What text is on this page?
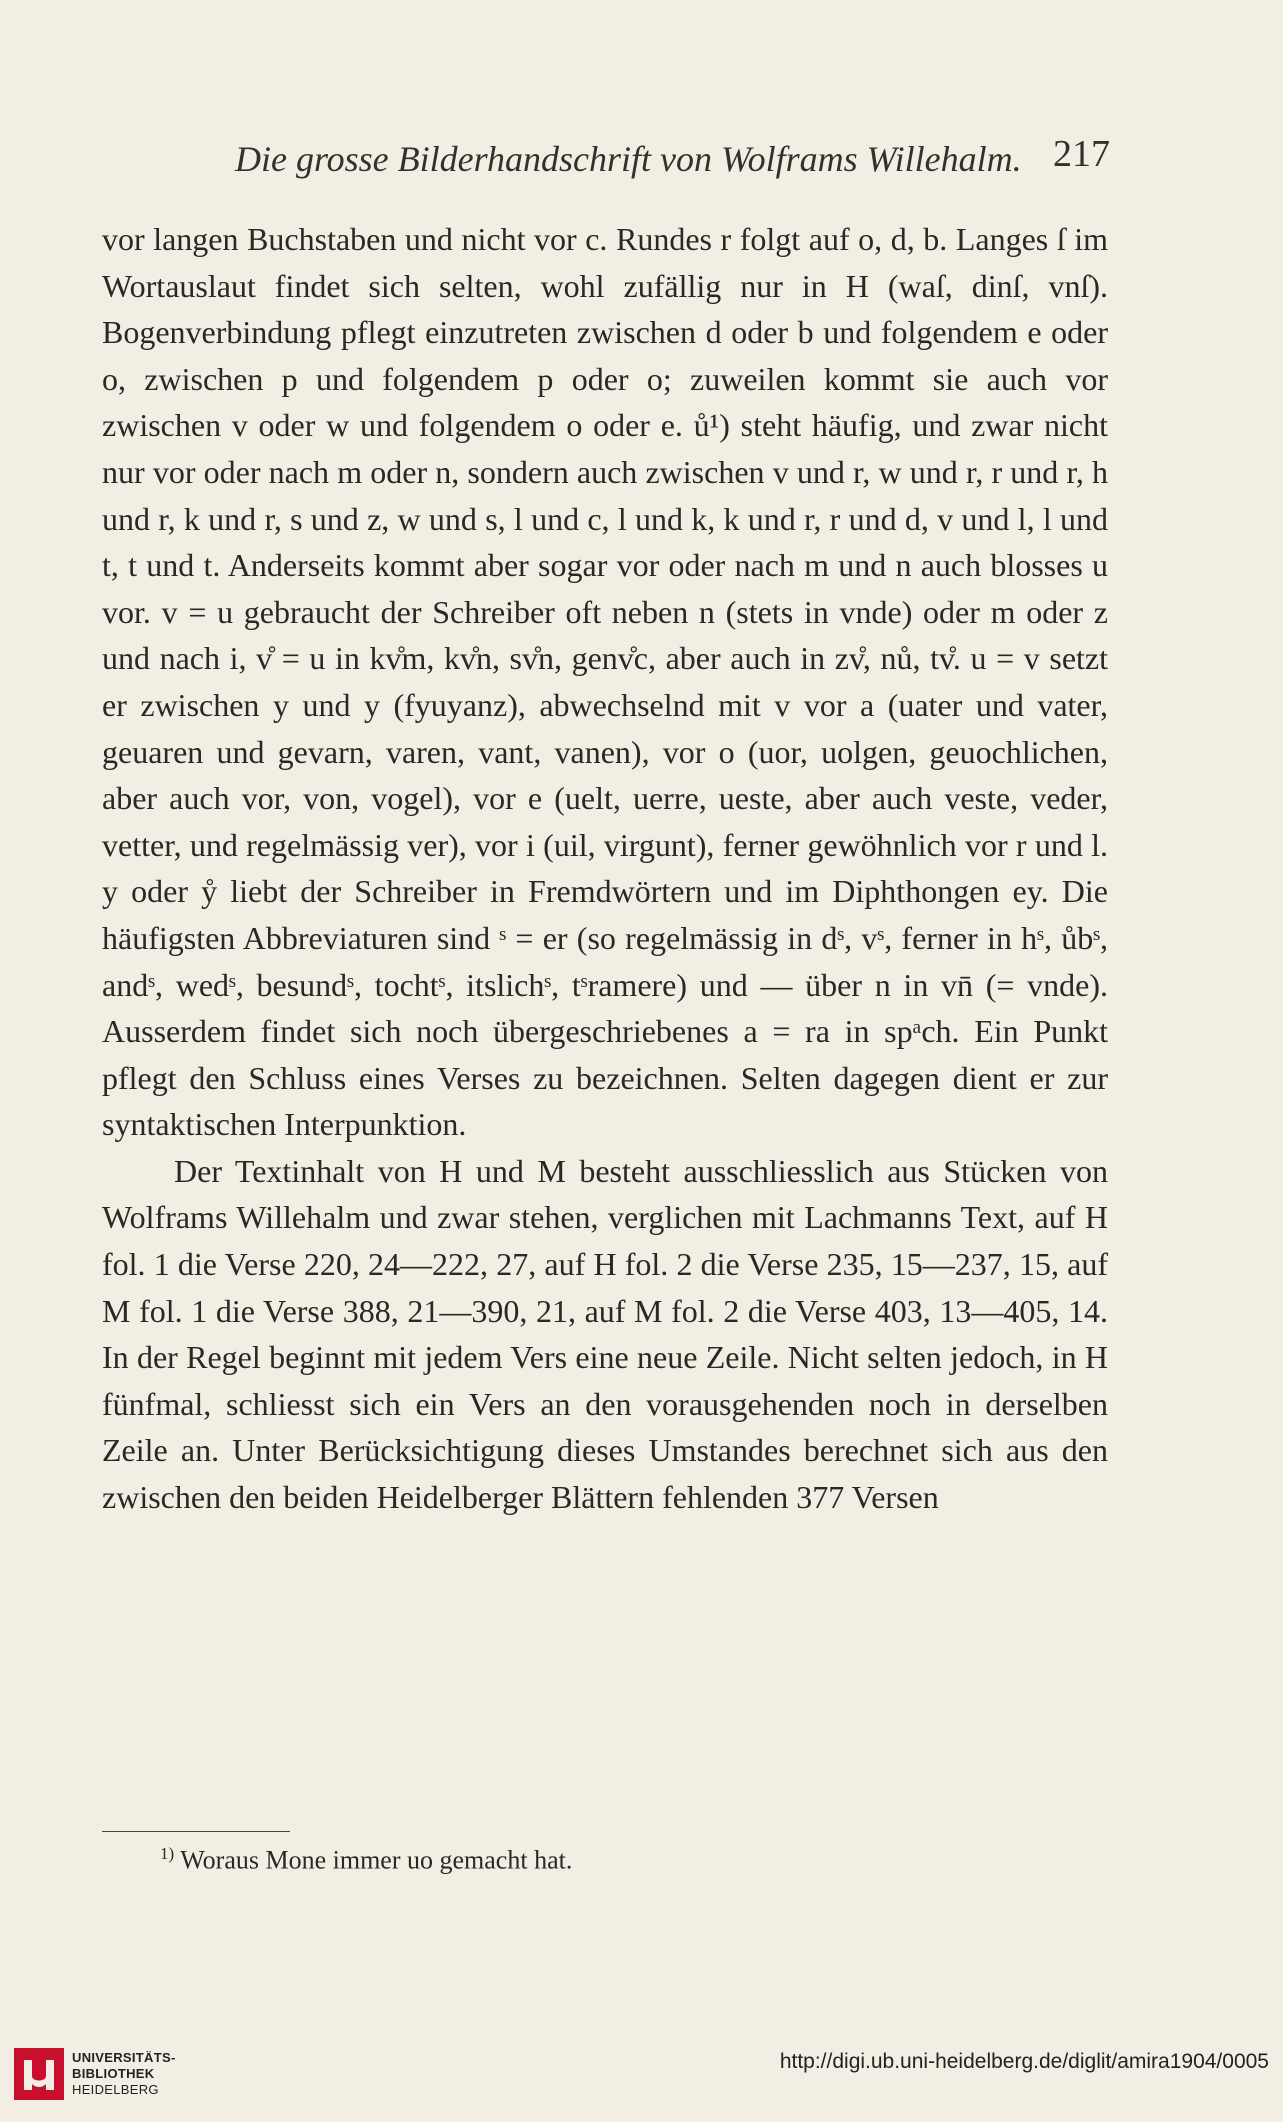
Die grosse Bilderhandschrift von Wolframs Willehalm. 217

vor langen Buchstaben und nicht vor c. Rundes r folgt auf o, d, b. Langes ſ im Wortauslaut findet sich selten, wohl zufällig nur in H (waſ, dinſ, vnſ). Bogenverbindung pflegt einzutreten zwischen d oder b und folgendem e oder o, zwischen p und folgendem p oder o; zuweilen kommt sie auch vor zwischen v oder w und folgendem o oder e. ů¹) steht häufig, und zwar nicht nur vor oder nach m oder n, sondern auch zwischen v und r, w und r, r und r, h und r, k und r, s und z, w und s, l und c, l und k, k und r, r und d, v und l, l und t, t und t. Anderseits kommt aber sogar vor oder nach m und n auch blosses u vor. v = u gebraucht der Schreiber oft neben n (stets in vnde) oder m oder z und nach i, v̊ = u in kv̊m, kv̊n, sv̊n, genv̊c, aber auch in zv̊, nů, tv̊. u = v setzt er zwischen y und y (fyuyanz), abwechselnd mit v vor a (uater und vater, geuaren und gevarn, varen, vant, vanen), vor o (uor, uolgen, geuochlichen, aber auch vor, von, vogel), vor e (uelt, uerre, ueste, aber auch veste, veder, vetter, und regelmässig ver), vor i (uil, virgunt), ferner gewöhnlich vor r und l. y oder ẙ liebt der Schreiber in Fremdwörtern und im Diphthongen ey. Die häufigsten Abbreviaturen sind ˢ = er (so regelmässig in dˢ, vˢ, ferner in hˢ, ůbˢ, andˢ, wedˢ, besundˢ, tochtˢ, itslichˢ, tˢramere) und — über n in vn̄ (= vnde). Ausserdem findet sich noch übergeschriebenes a = ra in spᵃch. Ein Punkt pflegt den Schluss eines Verses zu bezeichnen. Selten dagegen dient er zur syntaktischen Interpunktion.

Der Textinhalt von H und M besteht ausschliesslich aus Stücken von Wolframs Willehalm und zwar stehen, verglichen mit Lachmanns Text, auf H fol. 1 die Verse 220, 24—222, 27, auf H fol. 2 die Verse 235, 15—237, 15, auf M fol. 1 die Verse 388, 21—390, 21, auf M fol. 2 die Verse 403, 13—405, 14. In der Regel beginnt mit jedem Vers eine neue Zeile. Nicht selten jedoch, in H fünfmal, schliesst sich ein Vers an den vorausgehenden noch in derselben Zeile an. Unter Berücksichtigung dieses Umstandes berechnet sich aus den zwischen den beiden Heidelberger Blättern fehlenden 377 Versen

$^{1)}$ Woraus Mone immer uo gemacht hat.
UNIVERSITÄTS-
BIBLIOTHEK
HEIDELBERG
http://digi.ub.uni-heidelberg.de/diglit/amira1904/0005
